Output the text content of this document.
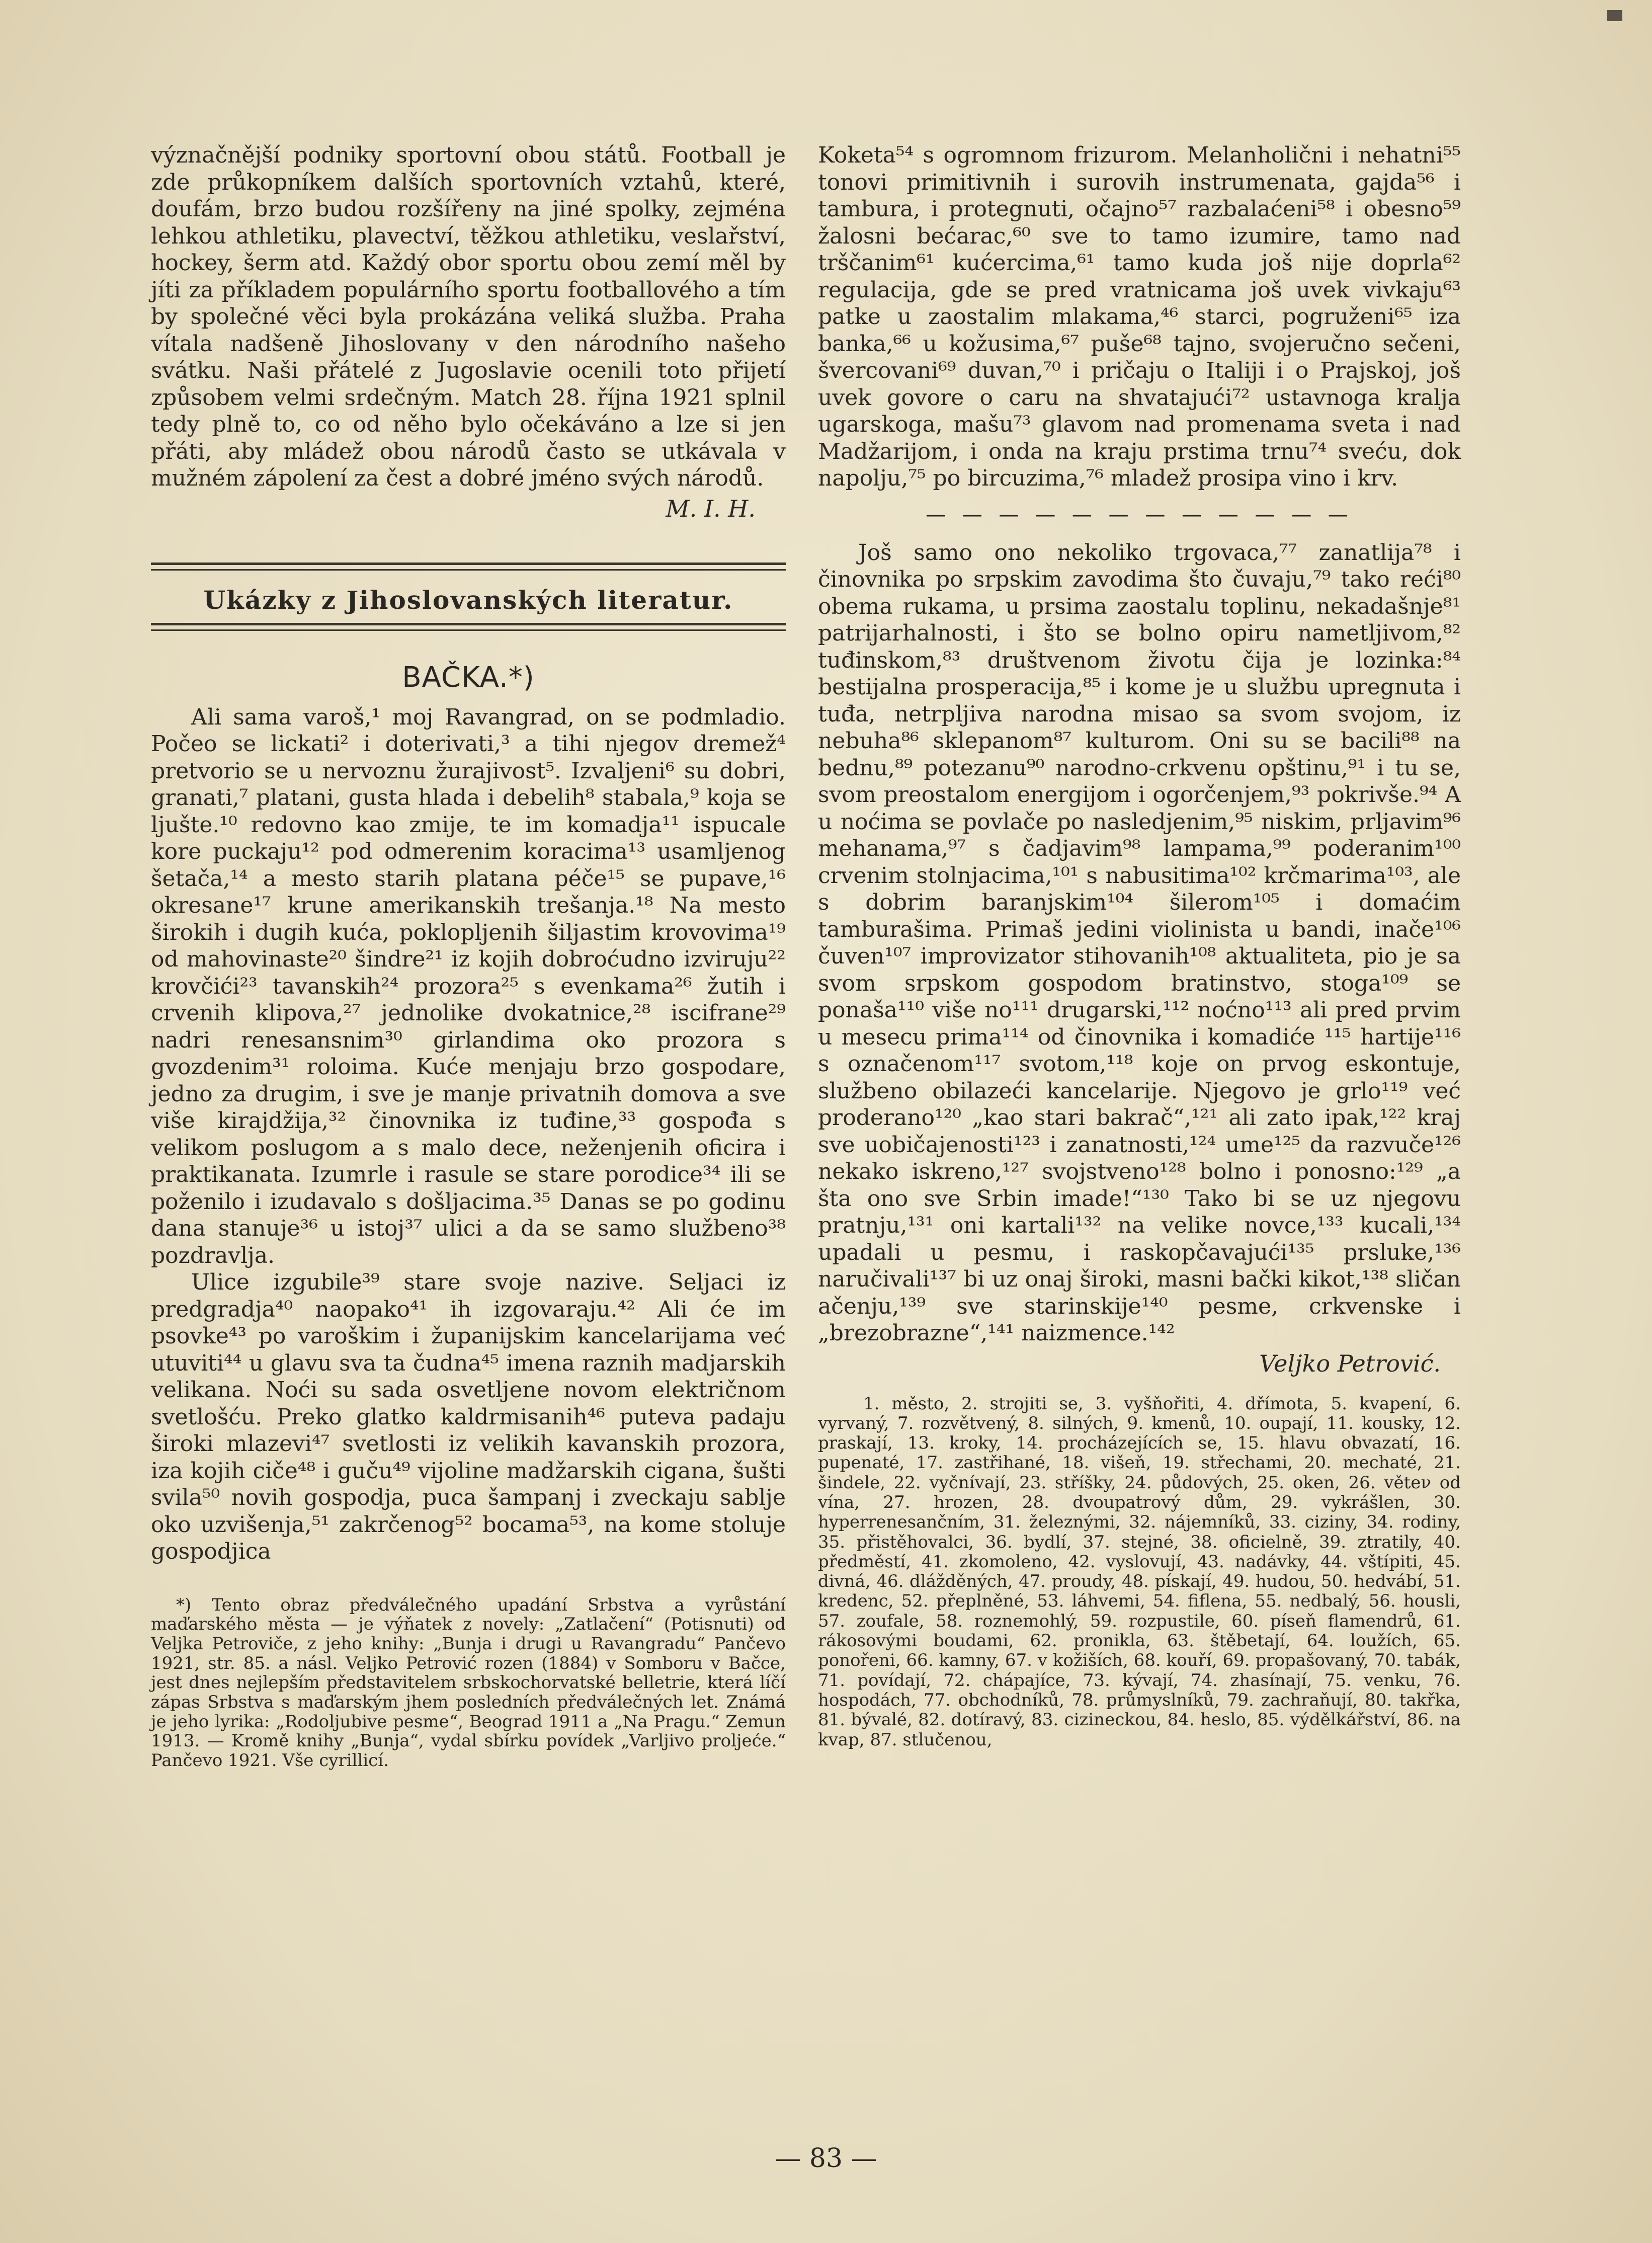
význačnější podniky sportovní obou států. Football je zde průkopníkem dalších sportovních vztahů, které, doufám, brzo budou rozšířeny na jiné spolky, zejména lehkou athletiku, plavectví, těžkou athletiku, veslařství, hockey, šerm atd. Každý obor sportu obou zemí měl by jíti za příkladem populárního sportu footballového a tím by společné věci byla prokázána veliká služba. Praha vítala nadšeně Jihoslovany v den národního našeho svátku. Naši přátelé z Jugoslavie ocenili toto přijetí způsobem velmi srdečným. Match 28. října 1921 splnil tedy plně to, co od něho bylo očekáváno a lze si jen přáti, aby mládež obou národů často se utkávala v mužném zápolení za čest a dobré jméno svých národů.

M. I. H.

Ukázky z Jihoslovanských literatur.

BAČKA.*)

Ali sama varoš,¹ moj Ravangrad, on se podmladio. Počeo se lickati² i doterivati,³ a tihi njegov dremež⁴ pretvorio se u nervoznu žurajivost⁵. Izvaljeni⁶ su dobri, granati,⁷ platani, gusta hlada i debelih⁸ stabala,⁹ koja se ljušte.¹⁰ redovno kao zmije, te im komadja¹¹ ispucale kore puckaju¹² pod odmerenim koracima¹³ usamljenog šetača,¹⁴ a mesto starih platana péče¹⁵ se pupave,¹⁶ okresane¹⁷ krune amerikanskih trešanja.¹⁸ Na mesto širokih i dugih kuća, poklopljenih šiljastim krovovima¹⁹ od mahovinaste²⁰ šindre²¹ iz kojih dobroćudno izviruju²² krovčići²³ tavanskih²⁴ prozora²⁵ s evenkama²⁶ žutih i crvenih klipova,²⁷ jednolike dvokatnice,²⁸ iscifrane²⁹ nadri renesansnim³⁰ girlandima oko prozora s gvozdenim³¹ roloima. Kuće menjaju brzo gospodare, jedno za drugim, i sve je manje privatnih domova a sve više kirajdžija,³² činovnika iz tuđine,³³ gospođa s velikom poslugom a s malo dece, neženjenih oficira i praktikanata. Izumrle i rasule se stare porodice³⁴ ili se poženilo i izudavalo s došljacima.³⁵ Danas se po godinu dana stanuje³⁶ u istoj³⁷ ulici a da se samo službeno³⁸ pozdravlja.

Ulice izgubile³⁹ stare svoje nazive. Seljaci iz predgradja⁴⁰ naopako⁴¹ ih izgovaraju.⁴² Ali će im psovke⁴³ po varoškim i županijskim kancelarijama već utuviti⁴⁴ u glavu sva ta čudna⁴⁵ imena raznih madjarskih velikana. Noći su sada osvetljene novom električnom svetlošću. Preko glatko kaldrmisanih⁴⁶ puteva padaju široki mlazevi⁴⁷ svetlosti iz velikih kavanskih prozora, iza kojih ciče⁴⁸ i guču⁴⁹ vijoline madžarskih cigana, šušti svila⁵⁰ novih gospodja, puca šampanj i zveckaju sablje oko uzvišenja,⁵¹ zakrčenog⁵² bocama⁵³, na kome stoluje gospodjica

*) Tento obraz předválečného upadání Srbstva a vyrůstání maďarského města — je výňatek z novely: „Zatlačení“ (Potisnuti) od Veljka Petroviče, z jeho knihy: „Bunja i drugi u Ravangradu“ Pančevo 1921, str. 85. a násl. Veljko Petrović rozen (1884) v Somboru v Bačce, jest dnes nejlepším představitelem srbskochorvatské belletrie, která líčí zápas Srbstva s maďarským jhem posledních předválečných let. Známá je jeho lyrika: „Rodoljubive pesme“, Beograd 1911 a „Na Pragu.“ Zemun 1913. — Kromě knihy „Bunja“, vydal sbírku povídek „Varljivo proljeće.“ Pančevo 1921. Vše cyrillicí.

Koketa⁵⁴ s ogromnom frizurom. Melanholični i nehatni⁵⁵ tonovi primitivnih i surovih instrumenata, gajda⁵⁶ i tambura, i protegnuti, očajno⁵⁷ razbalaćeni⁵⁸ i obesno⁵⁹ žalosni bećarac,⁶⁰ sve to tamo izumire, tamo nad trščanim⁶¹ kućercima,⁶¹ tamo kuda još nije doprla⁶² regulacija, gde se pred vratnicama još uvek vivkaju⁶³ patke u zaostalim mlakama,⁴⁶ starci, pogruženi⁶⁵ iza banka,⁶⁶ u kožusima,⁶⁷ puše⁶⁸ tajno, svojeručno sečeni, švercovani⁶⁹ duvan,⁷⁰ i pričaju o Italiji i o Prajskoj, još uvek govore o caru na shvatajući⁷² ustavnoga kralja ugarskoga, mašu⁷³ glavom nad promenama sveta i nad Madžarijom, i onda na kraju prstima trnu⁷⁴ sveću, dok napolju,⁷⁵ po bircuzima,⁷⁶ mladež prosipa vino i krv.

— — — — — — — — — — — —

Još samo ono nekoliko trgovaca,⁷⁷ zanatlija⁷⁸ i činovnika po srpskim zavodima što čuvaju,⁷⁹ tako reći⁸⁰ obema rukama, u prsima zaostalu toplinu, nekadašnje⁸¹ patrijarhalnosti, i što se bolno opiru nametljivom,⁸² tuđinskom,⁸³ društvenom životu čija je lozinka:⁸⁴ bestijalna prosperacija,⁸⁵ i kome je u službu upregnuta i tuđa, netrpljiva narodna misao sa svom svojom, iz nebuha⁸⁶ sklepanom⁸⁷ kulturom. Oni su se bacili⁸⁸ na bednu,⁸⁹ potezanu⁹⁰ narodno-crkvenu opštinu,⁹¹ i tu se, svom preostalom energijom i ogorčenjem,⁹³ pokrivše.⁹⁴ A u noćima se povlače po nasledjenim,⁹⁵ niskim, prljavim⁹⁶ mehanama,⁹⁷ s čadjavim⁹⁸ lampama,⁹⁹ poderanim¹⁰⁰ crvenim stolnjacima,¹⁰¹ s nabusitima¹⁰² krčmarima¹⁰³, ale s dobrim baranjskim¹⁰⁴ šilerom¹⁰⁵ i domaćim tamburašima. Primaš jedini violinista u bandi, inače¹⁰⁶ čuven¹⁰⁷ improvizator stihovanih¹⁰⁸ aktualiteta, pio je sa svom srpskom gospodom bratinstvo, stoga¹⁰⁹ se ponaša¹¹⁰ više no¹¹¹ drugarski,¹¹² noćno¹¹³ ali pred prvim u mesecu prima¹¹⁴ od činovnika i komadiće ¹¹⁵ hartije¹¹⁶ s označenom¹¹⁷ svotom,¹¹⁸ koje on prvog eskontuje, službeno obilazeći kancelarije. Njegovo je grlo¹¹⁹ već proderano¹²⁰ „kao stari bakrač“,¹²¹ ali zato ipak,¹²² kraj sve uobičajenosti¹²³ i zanatnosti,¹²⁴ ume¹²⁵ da razvuče¹²⁶ nekako iskreno,¹²⁷ svojstveno¹²⁸ bolno i ponosno:¹²⁹ „a šta ono sve Srbin imade!“¹³⁰ Tako bi se uz njegovu pratnju,¹³¹ oni kartali¹³² na velike novce,¹³³ kucali,¹³⁴ upadali u pesmu, i raskopčavajući¹³⁵ prsluke,¹³⁶ naručivali¹³⁷ bi uz onaj široki, masni bački kikot,¹³⁸ sličan ačenju,¹³⁹ sve starinskije¹⁴⁰ pesme, crkvenske i „brezobrazne“,¹⁴¹ naizmence.¹⁴²

Veljko Petrović.

1. město, 2. strojiti se, 3. vyšňořiti, 4. dřímota, 5. kvapení, 6. vyrvaný, 7. rozvětvený, 8. silných, 9. kmenů, 10. oupají, 11. kousky, 12. praskají, 13. kroky, 14. procházejících se, 15. hlavu obvazatí, 16. pupenaté, 17. zastřihané, 18. višeň, 19. střechami, 20. mechaté, 21. šindele, 22. vyčnívají, 23. stříšky, 24. půdových, 25. oken, 26. věteν od vína, 27. hrozen, 28. dvoupatrový dům, 29. vykrášlen, 30. hyperrenesančním, 31. železnými, 32. nájemníků, 33. ciziny, 34. rodiny, 35. přistěhovalci, 36. bydlí, 37. stejné, 38. oficielně, 39. ztratily, 40. předměstí, 41. zkomoleno, 42. vyslovují, 43. nadávky, 44. vštípiti, 45. divná, 46. dlážděných, 47. proudy, 48. pískají, 49. hudou, 50. hedvábí, 51. kredenc, 52. přeplněné, 53. láhvemi, 54. fiflena, 55. nedbalý, 56. housli, 57. zoufale, 58. roznemohlý, 59. rozpustile, 60. píseň flamendrů, 61. rákosovými boudami, 62. pronikla, 63. štěbetají, 64. loužích, 65. ponořeni, 66. kamny, 67. v kožiších, 68. kouří, 69. propašovaný, 70. tabák, 71. povídají, 72. chápajíce, 73. kývají, 74. zhasínají, 75. venku, 76. hospodách, 77. obchodníků, 78. průmyslníků, 79. zachraňují, 80. takřka, 81. bývalé, 82. dotíravý, 83. cizineckou, 84. heslo, 85. výdělkářství, 86. na kvap, 87. stlučenou,

— 83 —
